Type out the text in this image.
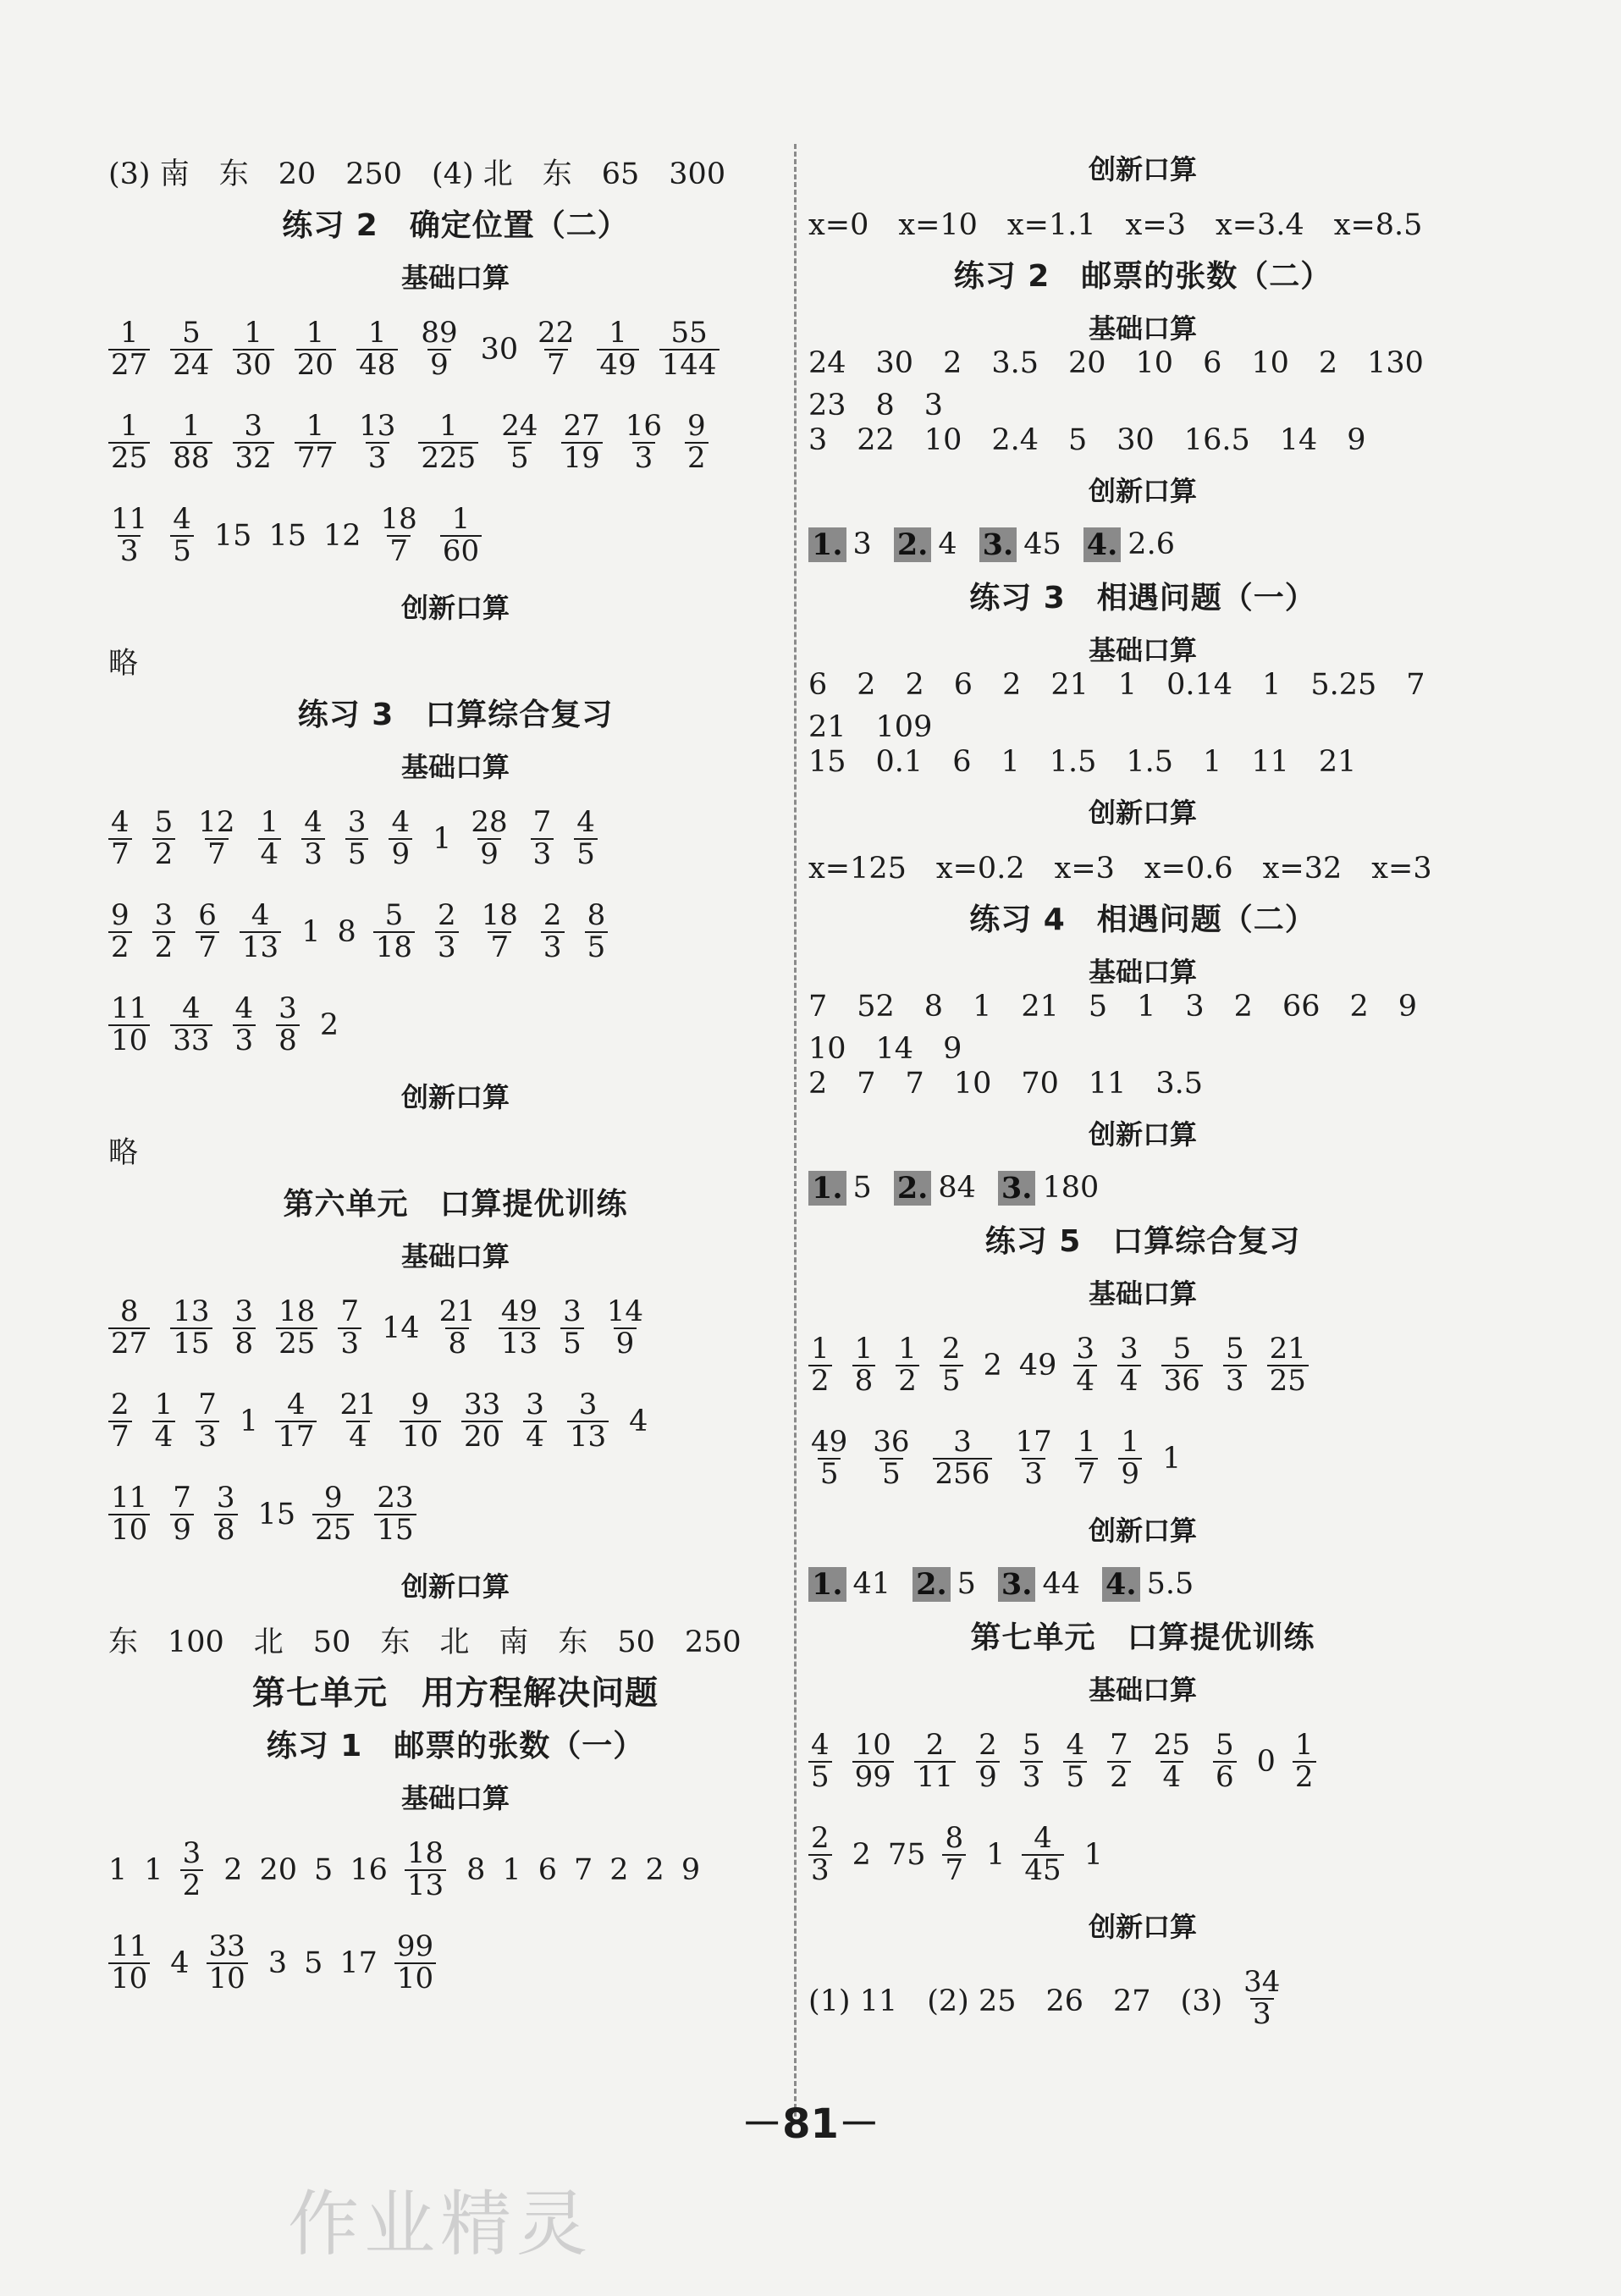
(3) 南　东　20　250　(4) 北　东　65　300
练习 2　确定位置（二）
基础口算
$\frac{1}{27} \frac{5}{24} \frac{1}{30} \frac{1}{20} \frac{1}{48} \frac{89}{9} 30 \frac{22}{7} \frac{1}{49} \frac{55}{144}$
$\frac{1}{25} \frac{1}{88} \frac{3}{32} \frac{1}{77} \frac{13}{3} \frac{1}{225} \frac{24}{5} \frac{27}{19} \frac{16}{3} \frac{9}{2}$
$\frac{11}{3} \frac{4}{5} 15$ 15 $12 \frac{18}{7} \frac{1}{60}$
创新口算
略
练习 3　口算综合复习
基础口算
$\frac{4}{7} \frac{5}{2} \frac{12}{7} \frac{1}{4} \frac{4}{3} \frac{3}{5} \frac{4}{9} 1 \frac{28}{9} \frac{7}{3} \frac{4}{5}$
$\frac{9}{2} \frac{3}{2} \frac{6}{7} \frac{4}{13} 1$ $8 \frac{5}{18} \frac{2}{3} \frac{18}{7} \frac{2}{3} \frac{8}{5}$
$\frac{11}{10} \frac{4}{33} \frac{4}{3} \frac{3}{8} 2$
创新口算
略
第六单元　口算提优训练
基础口算
$\frac{8}{27} \frac{13}{15} \frac{3}{8} \frac{18}{25} \frac{7}{3} 14 \frac{21}{8} \frac{49}{13} \frac{3}{5} \frac{14}{9}$
$\frac{2}{7} \frac{1}{4} \frac{7}{3} 1 \frac{4}{17} \frac{21}{4} \frac{9}{10} \frac{33}{20} \frac{3}{4} \frac{3}{13} 4$
$\frac{11}{10} \frac{7}{9} \frac{3}{8} 15 \frac{9}{25} \frac{23}{15}$
创新口算
东　100　北　50　东　北　南　东　50　250
第七单元　用方程解决问题
练习 1　邮票的张数（一）
基础口算
1 $1 \frac{3}{2} 2$ 20 5 $16 \frac{18}{13} 8$ 1 6 7 2 2 9
$\frac{11}{10} 4 \frac{33}{10} 3$ 5 $17 \frac{99}{10}$
创新口算
x=0　x=10　x=1.1　x=3　x=3.4　x=8.5
练习 2　邮票的张数（二）
基础口算
24　30　2　3.5　20　10　6　10　2　130　23　8　3
3　22　10　2.4　5　30　16.5　14　9
创新口算
1. 3 2. 4 3. 45 4. 2.6
练习 3　相遇问题（一）
基础口算
6　2　2　6　2　21　1　0.14　1　5.25　7　21　109
15　0.1　6　1　1.5　1.5　1　11　21
创新口算
x=125　x=0.2　x=3　x=0.6　x=32　x=3
练习 4　相遇问题（二）
基础口算
7　52　8　1　21　5　1　3　2　66　2　9　10　14　9
2　7　7　10　70　11　3.5
创新口算
1. 5 2. 84 3. 180
练习 5　口算综合复习
基础口算
$\frac{1}{2} \frac{1}{8} \frac{1}{2} \frac{2}{5} 2$ $49 \frac{3}{4} \frac{3}{4} \frac{5}{36} \frac{5}{3} \frac{21}{25}$
$\frac{49}{5} \frac{36}{5} \frac{3}{256} \frac{17}{3} \frac{1}{7} \frac{1}{9} 1$
创新口算
1. 41 2. 5 3. 44 4. 5.5
第七单元　口算提优训练
基础口算
$\frac{4}{5} \frac{10}{99} \frac{2}{11} \frac{2}{9} \frac{5}{3} \frac{4}{5} \frac{7}{2} \frac{25}{4} \frac{5}{6} 0 \frac{1}{2}$
$\frac{2}{3} 2$ $75 \frac{8}{7} 1 \frac{4}{45} 1$
创新口算
(1) 11　(2) 25　26　27　$(3) \frac{34}{3}$
－81－
作业精灵
